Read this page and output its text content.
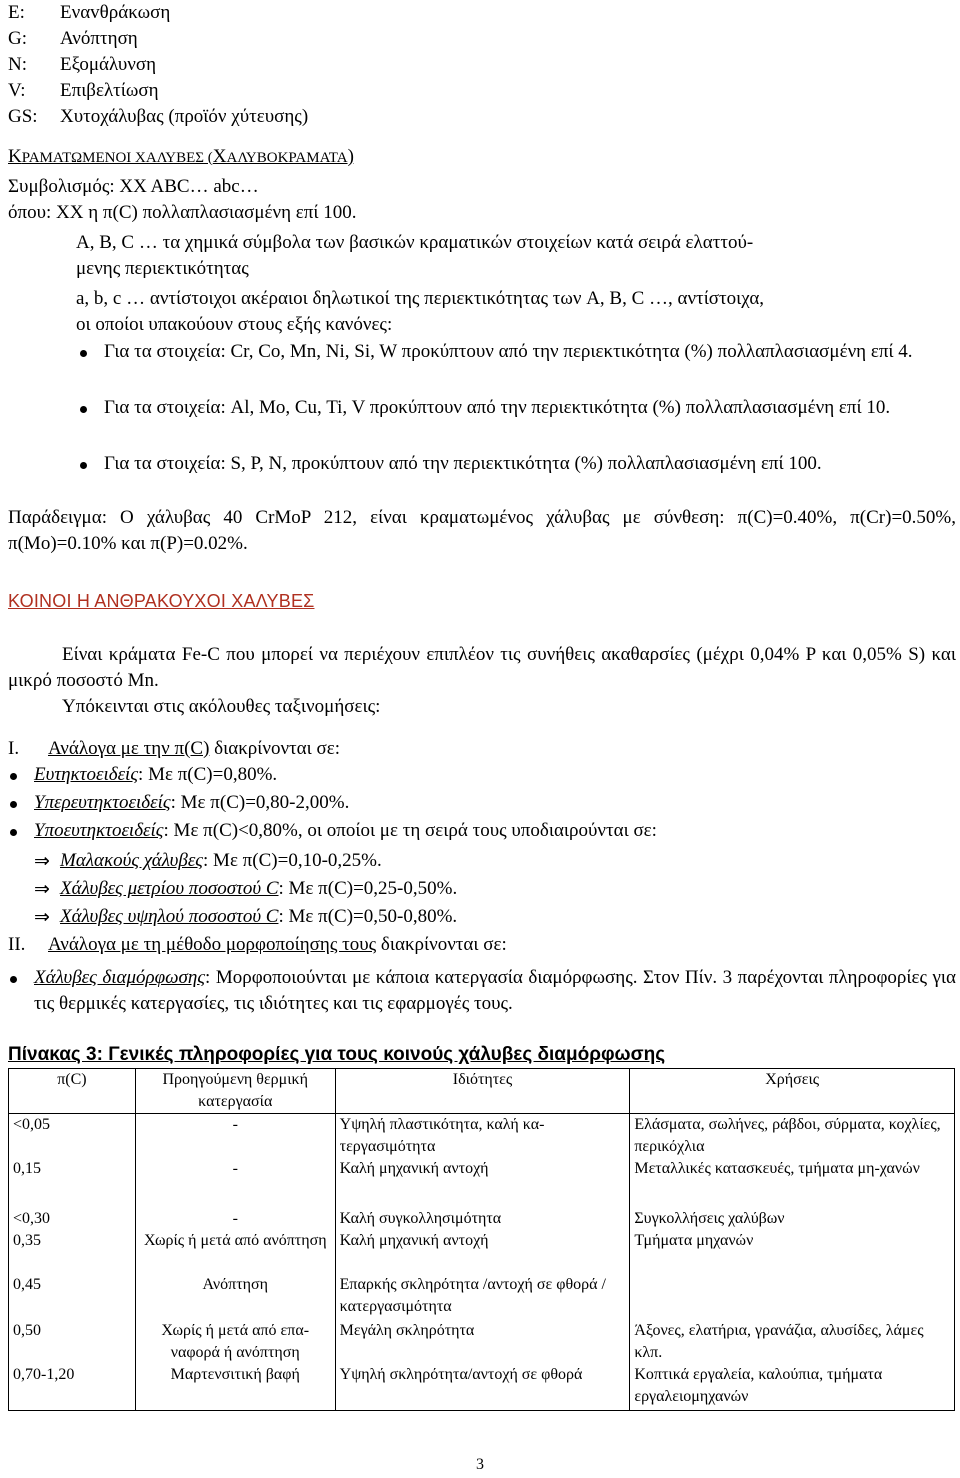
E: Εναvθράκωση
G: Ανόπτηση
N: Εξομάλυνση
V: Επιβελτίωση
GS: Χυτοχάλυβας (προϊόν χύτευσης)
ΚΡΑΜΑΤΩΜΕΝΟΙ ΧΑΛΥΒΕΣ (ΧΑΛΥΒΟΚΡΑΜΑΤΑ)
Συμβολισμός: XX ABC… abc…
όπου: XX η π(C) πολλαπλασιασμένη επί 100.
A, B, C … τα χημικά σύμβολα των βασικών κραματικών στοιχείων κατά σειρά ελαττού-
μενης περιεκτικότητας
a, b, c … αντίστοιχοι ακέραιοι δηλωτικοί της περιεκτικότητας των A, B, C …, αντίστοιχα,
οι οποίοι υπακούουν στους εξής κανόνες:
Για τα στοιχεία: Cr, Co, Mn, Ni, Si, W προκύπτουν από την περιεκτικότητα (%) πολλαπλασιασμένη επί 4.
Για τα στοιχεία: Al, Mo, Cu, Ti, V προκύπτουν από την περιεκτικότητα (%) πολλαπλασιασμένη επί 10.
Για τα στοιχεία: S, P, N, προκύπτουν από την περιεκτικότητα (%) πολλαπλασιασμένη επί 100.
Παράδειγμα: O χάλυβας 40 CrMoP 212, είναι κραματωμένος χάλυβας με σύνθεση: π(C)=0.40%, π(Cr)=0.50%, π(Mo)=0.10% και π(P)=0.02%.
ΚΟΙΝΟΙ Η ΑΝΘΡΑΚΟΥΧΟΙ ΧΑΛΥΒΕΣ
Είναι κράματα Fe-C που μπορεί να περιέχουν επιπλέον τις συνήθεις ακαθαρσίες (μέχρι 0,04% P και 0,05% S) και μικρό ποσοστό Mn.
Υπόκεινται στις ακόλουθες ταξινομήσεις:
I. Ανάλογα με την π(C) διακρίνονται σε:
Ευτηκτοειδείς: Με π(C)=0,80%.
Υπερευτηκτοειδείς: Με π(C)=0,80-2,00%.
Υποευτηκτοειδείς: Με π(C)<0,80%, οι οποίοι με τη σειρά τους υποδιαιρούνται σε:
⇒ Μαλακούς χάλυβες: Με π(C)=0,10-0,25%.
⇒ Χάλυβες μετρίου ποσοστού C: Με π(C)=0,25-0,50%.
⇒ Χάλυβες υψηλού ποσοστού C: Με π(C)=0,50-0,80%.
II. Ανάλογα με τη μέθοδο μορφοποίησης τους διακρίνονται σε:
Χάλυβες διαμόρφωσης: Μορφοποιούνται με κάποια κατεργασία διαμόρφωσης. Στον Πίν. 3 παρέχονται πληροφορίες για τις θερμικές κατεργασίες, τις ιδιότητες και τις εφαρμογές τους.
Πίνακας 3: Γενικές πληροφορίες για τους κοινούς χάλυβες διαμόρφωσης
π(C)	Προηγούμενη θερμική κατεργασία	Ιδιότητες	Χρήσεις
<0,05	-	Υψηλή πλαστικότητα, καλή κα-τεργασιμότητα	Ελάσματα, σωλήνες, ράβδοι, σύρματα, κοχλίες, περικόχλια
0,15	-	Καλή μηχανική αντοχή	Μεταλλικές κατασκευές, τμήματα μη-χανών
<0,30	-	Καλή συγκολλησιμότητα	Συγκολλήσεις χαλύβων
0,35	Χωρίς ή μετά από ανόπτηση	Καλή μηχανική αντοχή	Τμήματα μηχανών
0,45	Ανόπτηση	Επαρκής σκληρότητα /αντοχή σε φθορά / κατεργασιμότητα	
0,50	Χωρίς ή μετά από επα-ναφορά ή ανόπτηση	Μεγάλη σκληρότητα	Άξονες, ελατήρια, γρανάζια, αλυσίδες, λάμες κλπ.
0,70-1,20	Μαρτενσιτική βαφή	Υψηλή σκληρότητα/αντοχή σε φθορά	Κοπτικά εργαλεία, καλούπια, τμήματα εργαλειομηχανών
3
